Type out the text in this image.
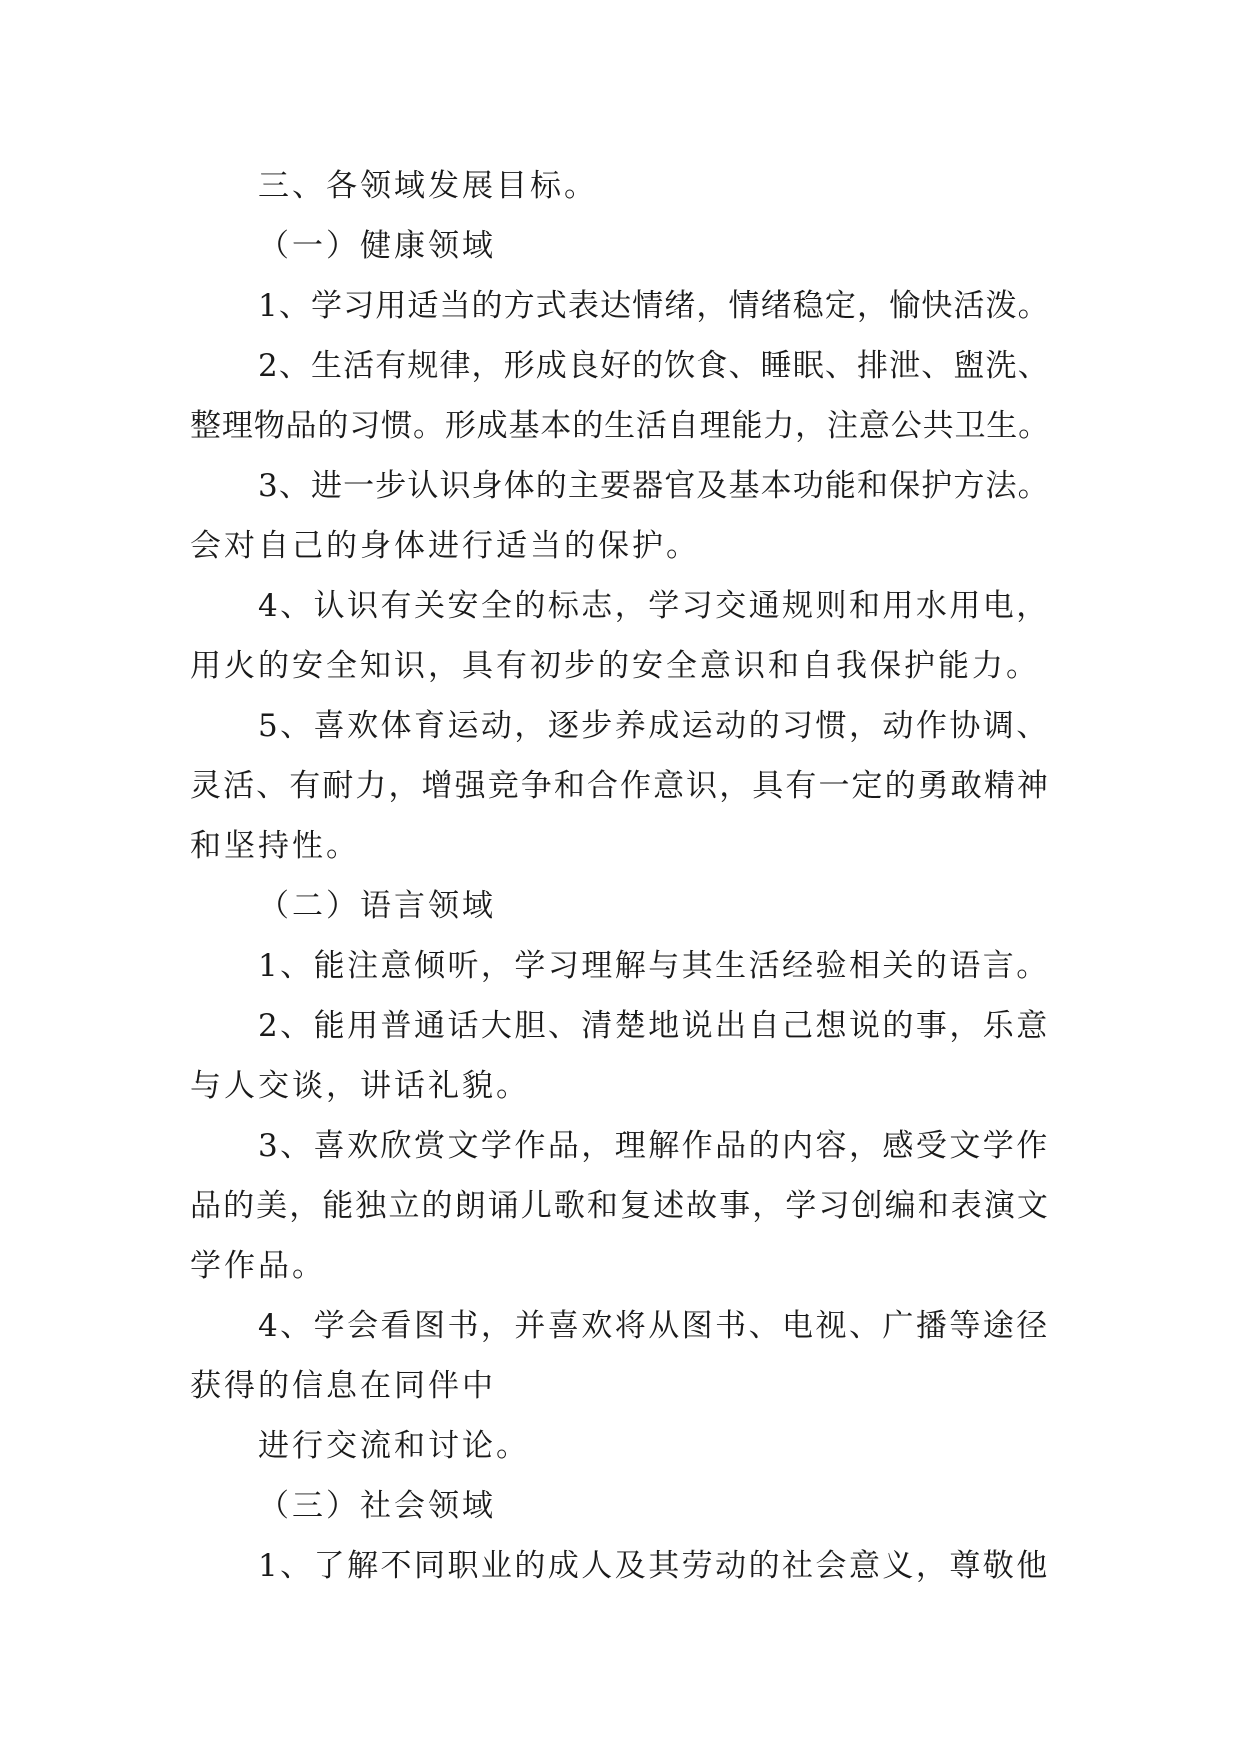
三、各领域发展目标。
（一）健康领域
1、学习用适当的方式表达情绪，情绪稳定，愉快活泼。
2、生活有规律，形成良好的饮食、睡眠、排泄、盥洗、
整理物品的习惯。形成基本的生活自理能力，注意公共卫生。
3、进一步认识身体的主要器官及基本功能和保护方法。
会对自己的身体进行适当的保护。
4、认识有关安全的标志，学习交通规则和用水用电，
用火的安全知识，具有初步的安全意识和自我保护能力。
5、喜欢体育运动，逐步养成运动的习惯，动作协调、
灵活、有耐力，增强竞争和合作意识，具有一定的勇敢精神
和坚持性。
（二）语言领域
1、能注意倾听，学习理解与其生活经验相关的语言。
2、能用普通话大胆、清楚地说出自己想说的事，乐意
与人交谈，讲话礼貌。
3、喜欢欣赏文学作品，理解作品的内容，感受文学作
品的美，能独立的朗诵儿歌和复述故事，学习创编和表演文
学作品。
4、学会看图书，并喜欢将从图书、电视、广播等途径
获得的信息在同伴中
进行交流和讨论。
（三）社会领域
1、了解不同职业的成人及其劳动的社会意义，尊敬他
